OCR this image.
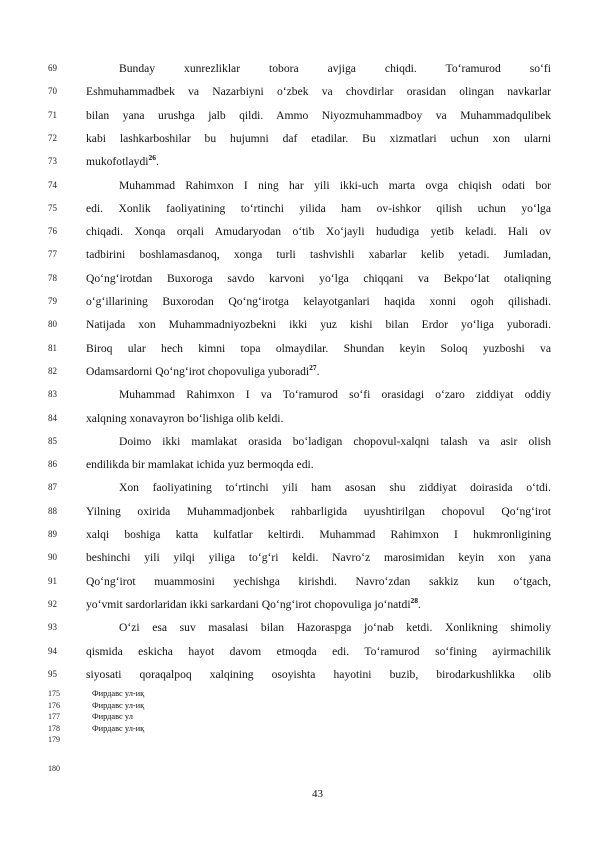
69
70
71
72
73
74
75
76
77
78
79
80
81
82
83
84
85
86
87
88
89
90
91
92
93
94
95
Bunday xunrezliklar tobora avjiga chiqdi. To‘ramurod so‘fi
Eshmuhammadbek va Nazarbiyni o‘zbek va chovdirlar orasidan olingan navkarlar
bilan yana urushga jalb qildi. Ammo Niyozmuhammadboy va Muhammadqulibek
kabi lashkarboshilar bu hujumni daf etadilar. Bu xizmatlari uchun xon ularni
mukofotlaydi$^{26}$.
Muhammad Rahimxon I ning har yili ikki-uch marta ovga chiqish odati bor
edi. Xonlik faoliyatining to‘rtinchi yilida ham ov-ishkor qilish uchun yo‘lga
chiqadi. Xonqa orqali Amudaryodan o‘tib Xo‘jayli hududiga yetib keladi. Hali ov
tadbirini boshlamasdanoq, xonga turli tashvishli xabarlar kelib yetadi. Jumladan,
Qo‘ng‘irotdan Buxoroga savdo karvoni yo‘lga chiqqani va Bekpo‘lat otaliqning
o‘g‘illarining Buxorodan Qo‘ng‘irotga kelayotganlari haqida xonni ogoh qilishadi.
Natijada xon Muhammadniyozbekni ikki yuz kishi bilan Erdor yo‘liga yuboradi.
Biroq ular hech kimni topa olmaydilar. Shundan keyin Soloq yuzboshi va
Odamsardorni Qo‘ng‘irot chopovuliga yuboradi$^{27}$.
Muhammad Rahimxon I va To‘ramurod so‘fi orasidagi o‘zaro ziddiyat oddiy
xalqning xonavayron bo‘lishiga olib keldi.
Doimo ikki mamlakat orasida bo‘ladigan chopovul-xalqni talash va asir olish
endilikda bir mamlakat ichida yuz bermoqda edi.
Xon faoliyatining to‘rtinchi yili ham asosan shu ziddiyat doirasida o‘tdi.
Yilning oxirida Muhammadjonbek rahbarligida uyushtirilgan chopovul Qo‘ng‘irot
xalqi boshiga katta kulfatlar keltirdi. Muhammad Rahimxon I hukmronligining
beshinchi yili yilqi yiliga to‘g‘ri keldi. Navro‘z marosimidan keyin xon yana
Qo‘ng‘irot muammosini yechishga kirishdi. Navro‘zdan sakkiz kun o‘tgach,
yo‘vmit sardorlaridan ikki sarkardani Qo‘ng‘irot chopovuliga jo‘natdi$^{28}$.
O‘zi esa suv masalasi bilan Hazoraspga jo‘nab ketdi. Xonlikning shimoliy
qismida eskicha hayot davom etmoqda edi. To‘ramurod so‘fining ayirmachilik
siyosati qoraqalpoq xalqining osoyishta hayotini buzib, birodarkushlikka olib
175
176
177
178
179
180
Фирдавс ул-иқ
Фирдавс ул-иқ
Фирдавс ул
Фирдавс ул-иқ
43
